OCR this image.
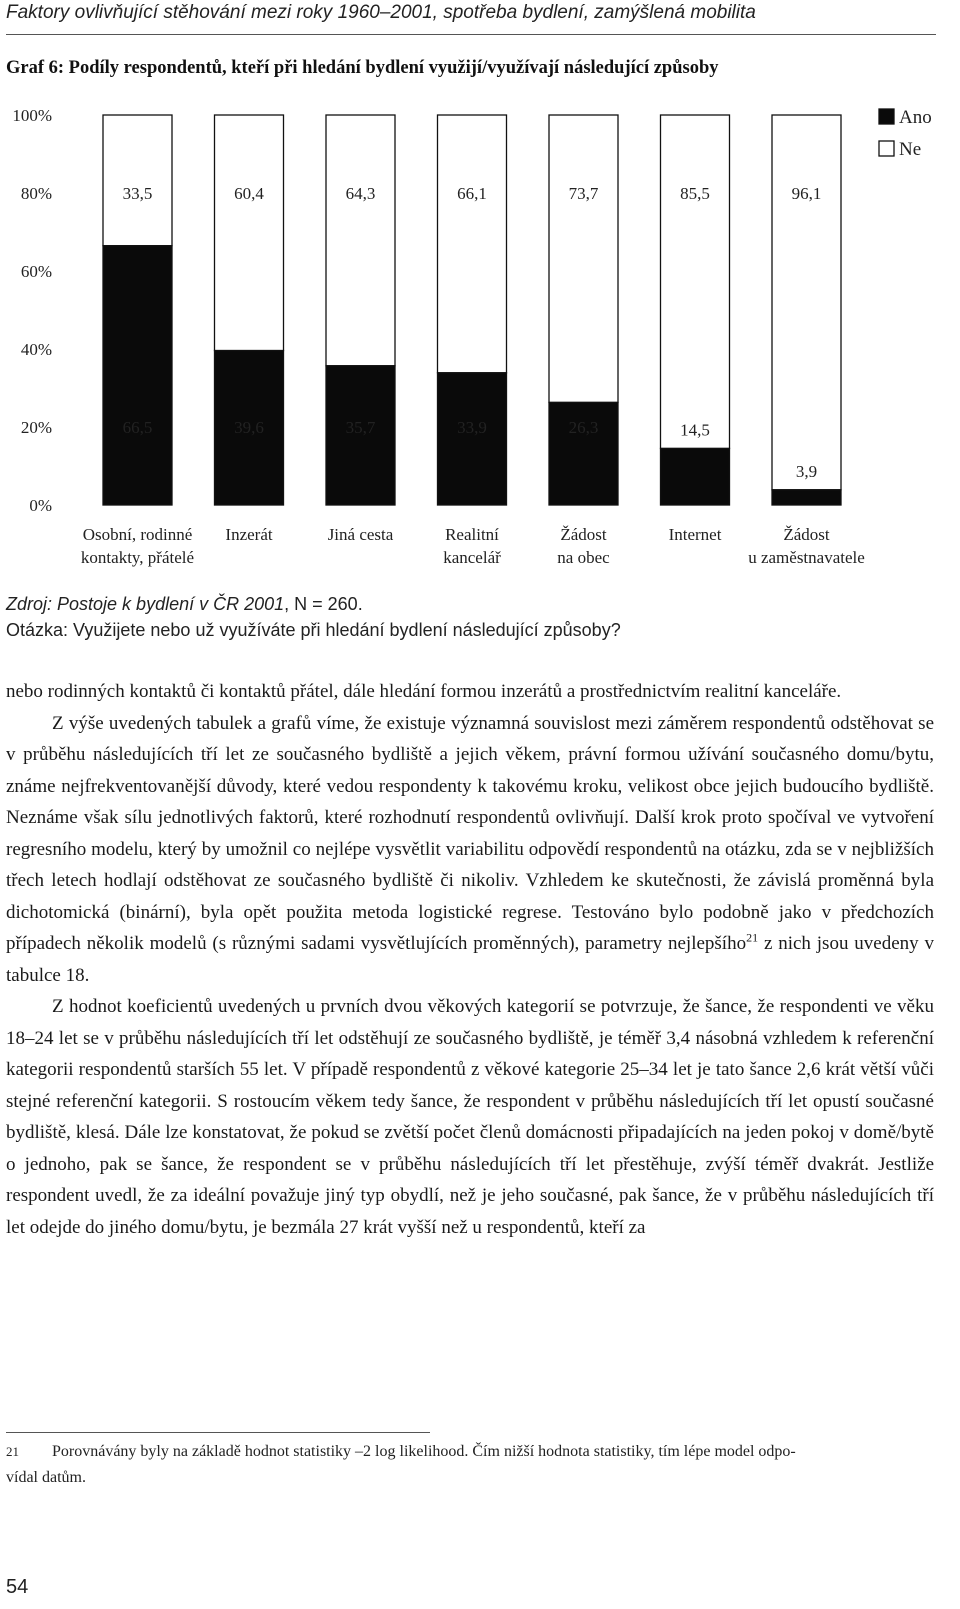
Faktory ovlivňující stěhování mezi roky 1960–2001, spotřeba bydlení, zamýšlená mobilita
Graf 6: Podíly respondentů, kteří při hledání bydlení využijí/využívají následující způsoby
0%
20%
40%
60%
80%
100%
33,5
66,5
Osobní, rodinné
kontakty, přátelé
60,4
39,6
Inzerát
64,3
35,7
Jiná cesta
66,1
33,9
Realitní
kancelář
73,7
26,3
Žádost
na obec
85,5
14,5
Internet
96,1
3,9
Žádost
u zaměstnavatele
Ano
Ne
Zdroj: Postoje k bydlení v ČR 2001, N = 260.
Otázka: Využijete nebo už využíváte při hledání bydlení následující způsoby?

nebo rodinných kontaktů či kontaktů přátel, dále hledání formou inzerátů a prostřednictvím realitní kanceláře.

Z výše uvedených tabulek a grafů víme, že existuje významná souvislost mezi záměrem respondentů odstěhovat se v průběhu následujících tří let ze současného bydliště a jejich věkem, právní formou užívání současného domu/bytu, známe nejfrekventovanější důvody, které vedou respondenty k takovému kroku, velikost obce jejich budoucího bydliště. Neznáme však sílu jednotlivých faktorů, které rozhodnutí respondentů ovlivňují. Další krok proto spočíval ve vytvoření regresního modelu, který by umožnil co nejlépe vysvětlit variabilitu odpovědí respondentů na otázku, zda se v nejbližších třech letech hodlají odstěhovat ze současného bydliště či nikoliv. Vzhledem ke skutečnosti, že závislá proměnná byla dichotomická (binární), byla opět použita metoda logistické regrese. Testováno bylo podobně jako v předchozích případech několik modelů (s různými sadami vysvětlujících proměnných), parametry nejlepšího$^{21}$ z nich jsou uvedeny v tabulce 18.

Z hodnot koeficientů uvedených u prvních dvou věkových kategorií se potvrzuje, že šance, že respondenti ve věku 18–24 let se v průběhu následujících tří let odstěhují ze současného bydliště, je téměř 3,4 násobná vzhledem k referenční kategorii respondentů starších 55 let. V případě respondentů z věkové kategorie 25–34 let je tato šance 2,6 krát větší vůči stejné referenční kategorii. S rostoucím věkem tedy šance, že respondent v průběhu následujících tří let opustí současné bydliště, klesá. Dále lze konstatovat, že pokud se zvětší počet členů domácnosti připadajících na jeden pokoj v domě/bytě o jednoho, pak se šance, že respondent se v průběhu následujících tří let přestěhuje, zvýší téměř dvakrát. Jestliže respondent uvedl, že za ideální považuje jiný typ obydlí, než je jeho současné, pak šance, že v průběhu následujících tří let odejde do jiného domu/bytu, je bezmála 27 krát vyšší než u respondentů, kteří za

21	Porovnávány byly na základě hodnot statistiky –2 log likelihood. Čím nižší hodnota statistiky, tím lépe model odpo-
vídal datům.
54
